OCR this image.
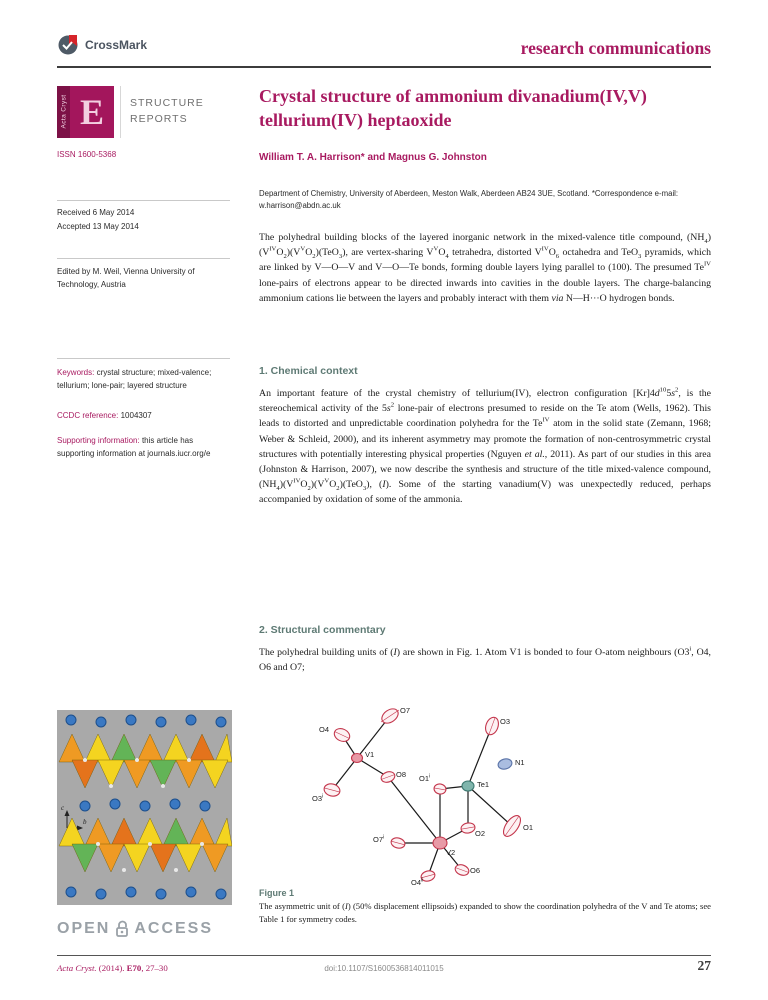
CrossMark	research communications
Acta Cryst E	STRUCTURE
REPORTS
ISSN 1600-5368
Received 6 May 2014
Accepted 13 May 2014
Edited by M. Weil, Vienna University of Technology, Austria
Keywords: crystal structure; mixed-valence; tellurium; lone-pair; layered structure
CCDC reference: 1004307
Supporting information: this article has supporting information at journals.iucr.org/e
c
b
OPEN ACCESS
Crystal structure of ammonium divanadium(IV,V) tellurium(IV) heptaoxide
William T. A. Harrison* and Magnus G. Johnston
Department of Chemistry, University of Aberdeen, Meston Walk, Aberdeen AB24 3UE, Scotland. *Correspondence e-mail: w.harrison@abdn.ac.uk
The polyhedral building blocks of the layered inorganic network in the mixed-valence title compound, $(NH_4)(V^{IV}O_2)(V^VO_2)(TeO_3)$, are vertex-sharing $V^VO_4$ tetrahedra, distorted $V^{IV}O_6$ octahedra and TeO$_3$ pyramids, which are linked by V—O—V and V—O—Te bonds, forming double layers lying parallel to (100). The presumed $Te^{IV}$ lone-pairs of electrons appear to be directed inwards into cavities in the double layers. The charge-balancing ammonium cations lie between the layers and probably interact with them via N—H···O hydrogen bonds.
1. Chemical context
An important feature of the crystal chemistry of tellurium(IV), electron configuration $[Kr]4d^{10}5s^2$, is the stereochemical activity of the $5s^2$ lone-pair of electrons presumed to reside on the Te atom (Wells, 1962). This leads to distorted and unpredictable coordination polyhedra for the $Te^{IV}$ atom in the solid state (Zemann, 1968; Weber & Schleid, 2000), and its inherent asymmetry may promote the formation of non-centrosymmetric crystal structures with potentially interesting physical properties (Nguyen et al., 2011). As part of our studies in this area (Johnston & Harrison, 2007), we now describe the synthesis and structure of the title mixed-valence compound, $(NH_4)(V^{IV}O_2)(V^VO_2)(TeO_3)$, (I). Some of the starting vanadium(V) was unexpectedly reduced, perhaps accompanied by oxidation of some of the ammonia.
2. Structural commentary
The polyhedral building units of (I) are shown in Fig. 1. Atom V1 is bonded to four O-atom neighbours (O3$^i$, O4, O6 and O7;
O7
O4
V1
O8
O3$^i$
O3
N1
Te1
O1$^i$
O2
O1
V2
O7$^i$
O4$^{ii}$
O6
Figure 1
The asymmetric unit of (I) (50% displacement ellipsoids) expanded to show the coordination polyhedra of the V and Te atoms; see Table 1 for symmetry codes.
Acta Cryst. (2014). E70, 27–30	doi:10.1107/S1600536814011015	27
